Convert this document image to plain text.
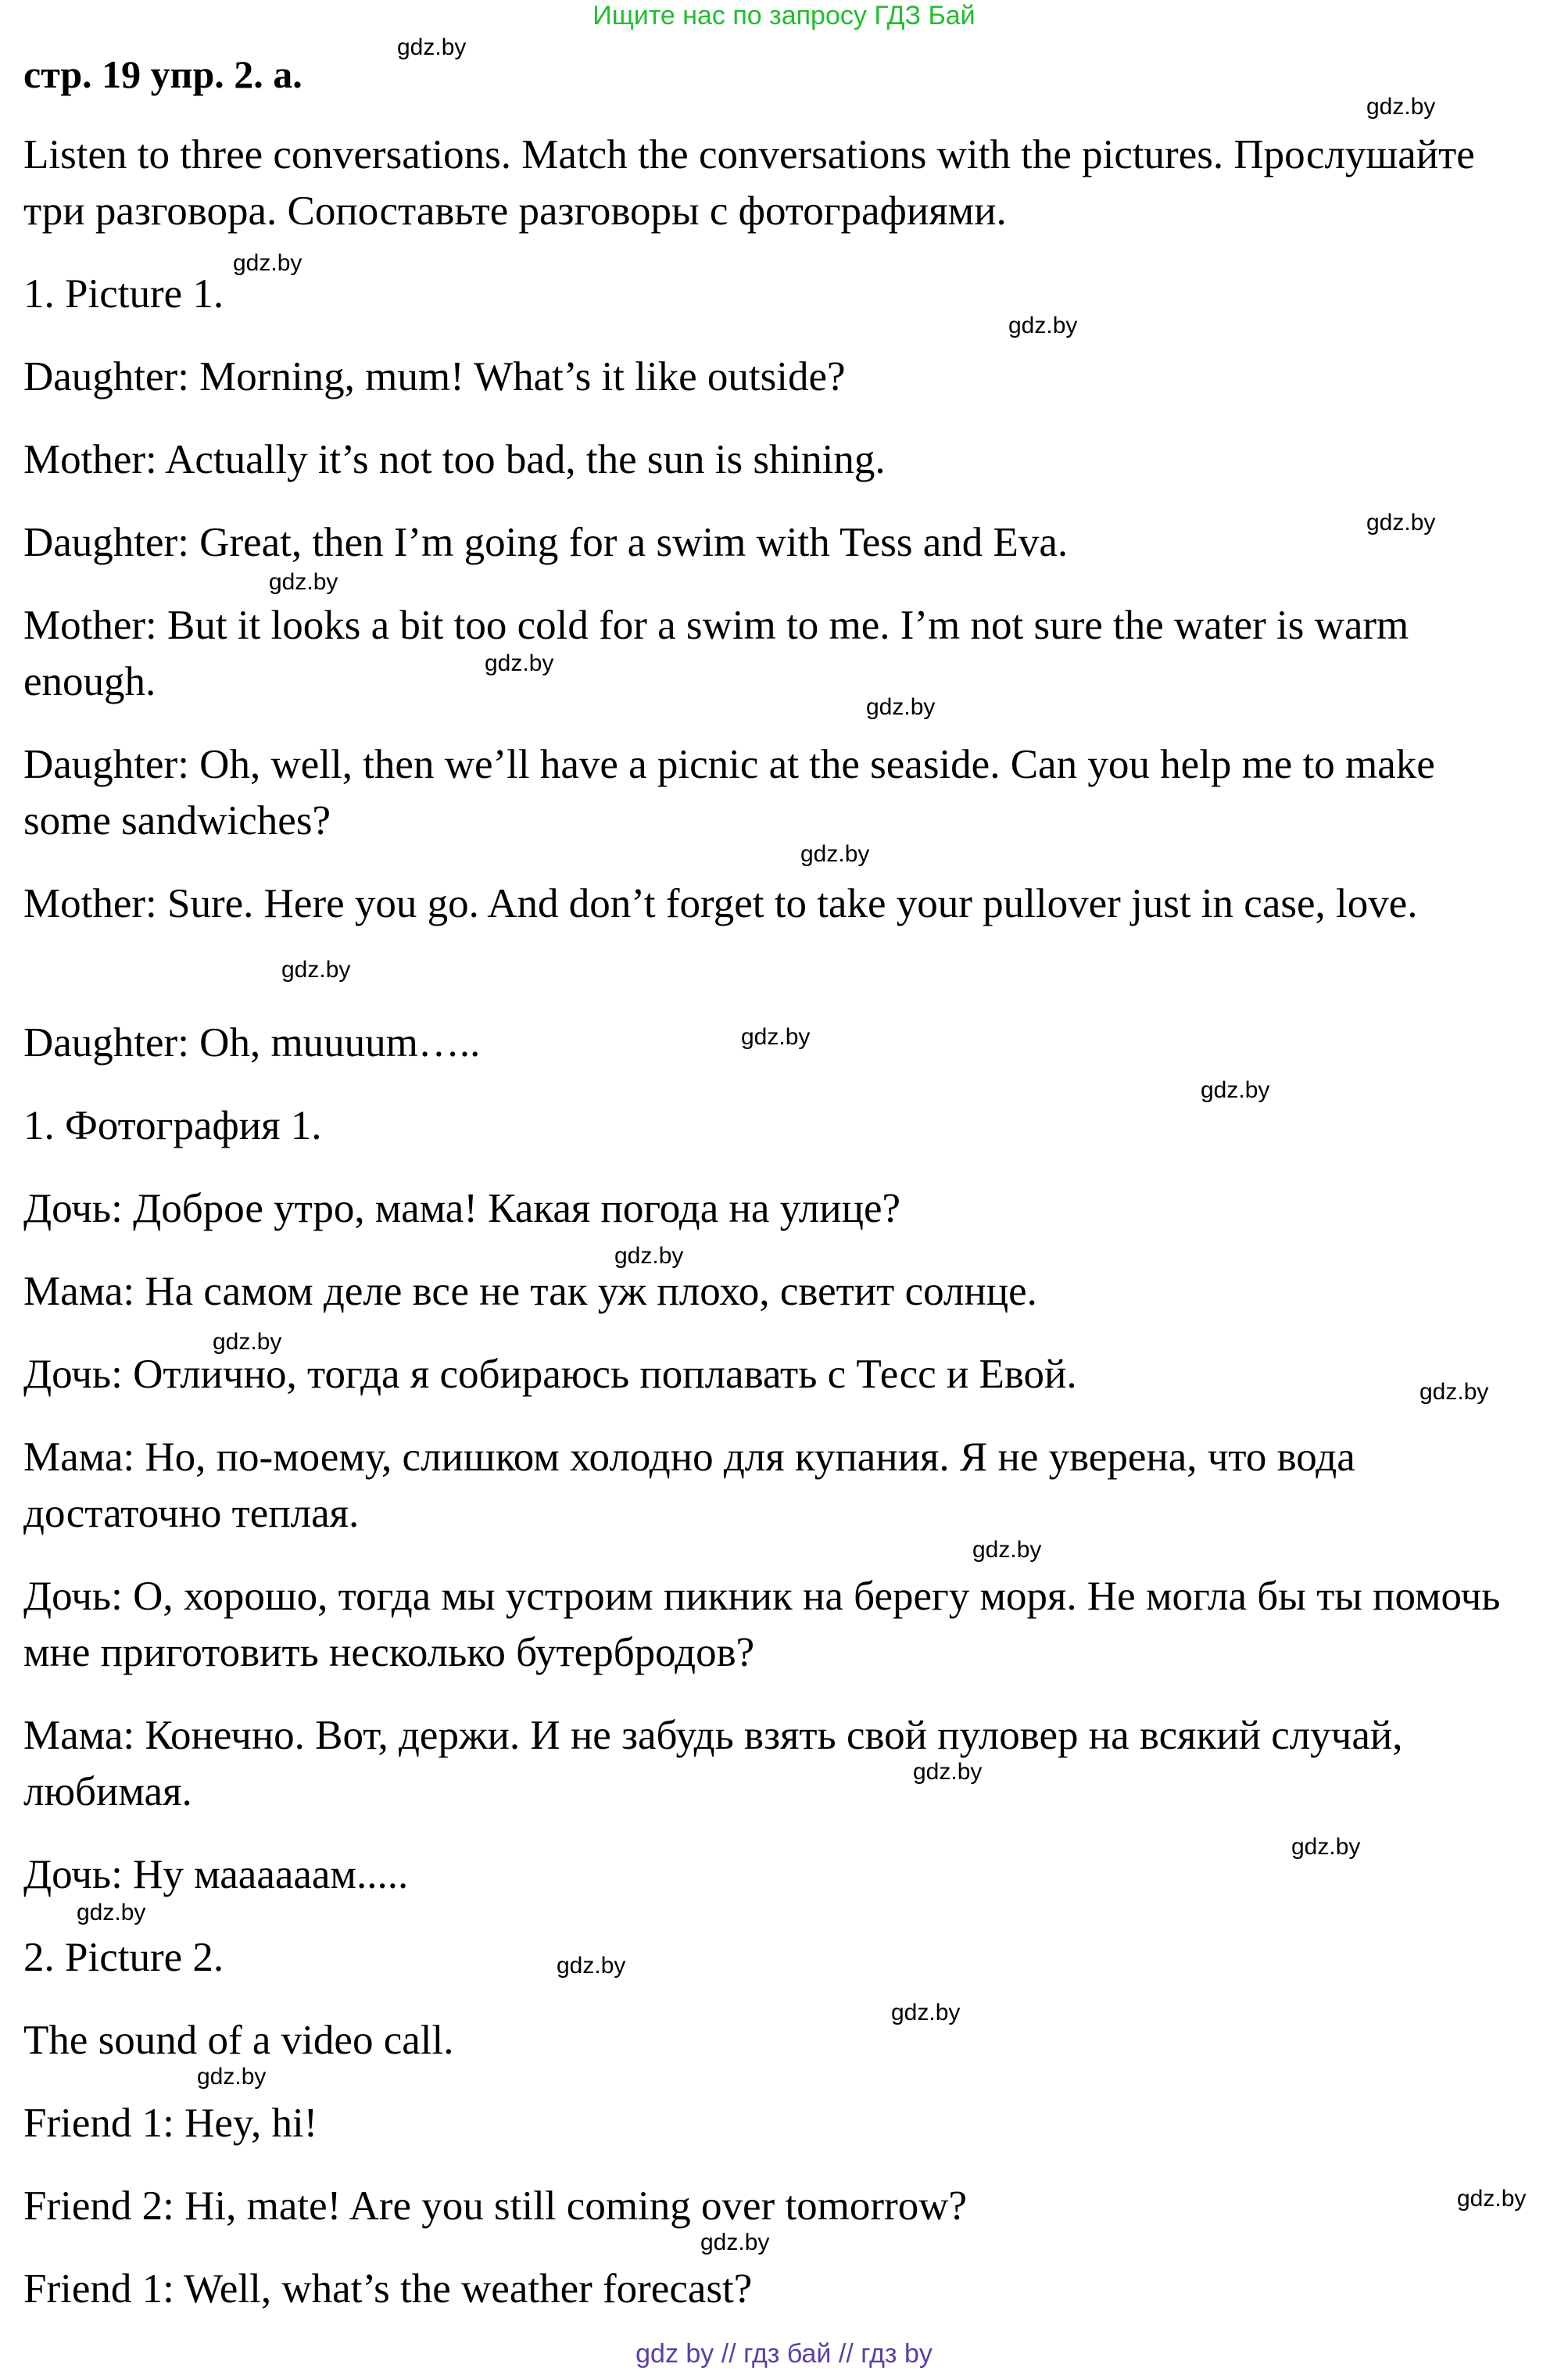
Ищите нас по запросу ГДЗ Бай
стр. 19 упр. 2. a.
Listen to three conversations. Match the conversations with the pictures. Прослушайте три разговора. Сопоставьте разговоры с фотографиями.
1. Picture 1.
Daughter: Morning, mum! What’s it like outside?
Mother: Actually it’s not too bad, the sun is shining.
Daughter: Great, then I’m going for a swim with Tess and Eva.
Mother: But it looks a bit too cold for a swim to me. I’m not sure the water is warm enough.
Daughter: Oh, well, then we’ll have a picnic at the seaside. Can you help me to make some sandwiches?
Mother: Sure. Here you go. And don’t forget to take your pullover just in case, love.
Daughter: Oh, muuuum…..
1. Фотография 1.
Дочь: Доброе утро, мама! Какая погода на улице?
Мама: На самом деле все не так уж плохо, светит солнце.
Дочь: Отлично, тогда я собираюсь поплавать с Тесс и Евой.
Мама: Но, по-моему, слишком холодно для купания. Я не уверена, что вода достаточно теплая.
Дочь: О, хорошо, тогда мы устроим пикник на берегу моря. Не могла бы ты помочь мне приготовить несколько бутербродов?
Мама: Конечно. Вот, держи. И не забудь взять свой пуловер на всякий случай, любимая.
Дочь: Ну маааааам.....
2. Picture 2.
The sound of a video call.
Friend 1: Hey, hi!
Friend 2: Hi, mate! Are you still coming over tomorrow?
Friend 1: Well, what’s the weather forecast?
gdz.by
gdz.by
gdz.by
gdz.by
gdz.by
gdz.by
gdz.by
gdz.by
gdz.by
gdz.by
gdz.by
gdz.by
gdz.by
gdz.by
gdz.by
gdz.by
gdz.by
gdz.by
gdz.by
gdz.by
gdz.by
gdz.by
gdz.by
gdz.by
gdz by // гдз бай // гдз by
